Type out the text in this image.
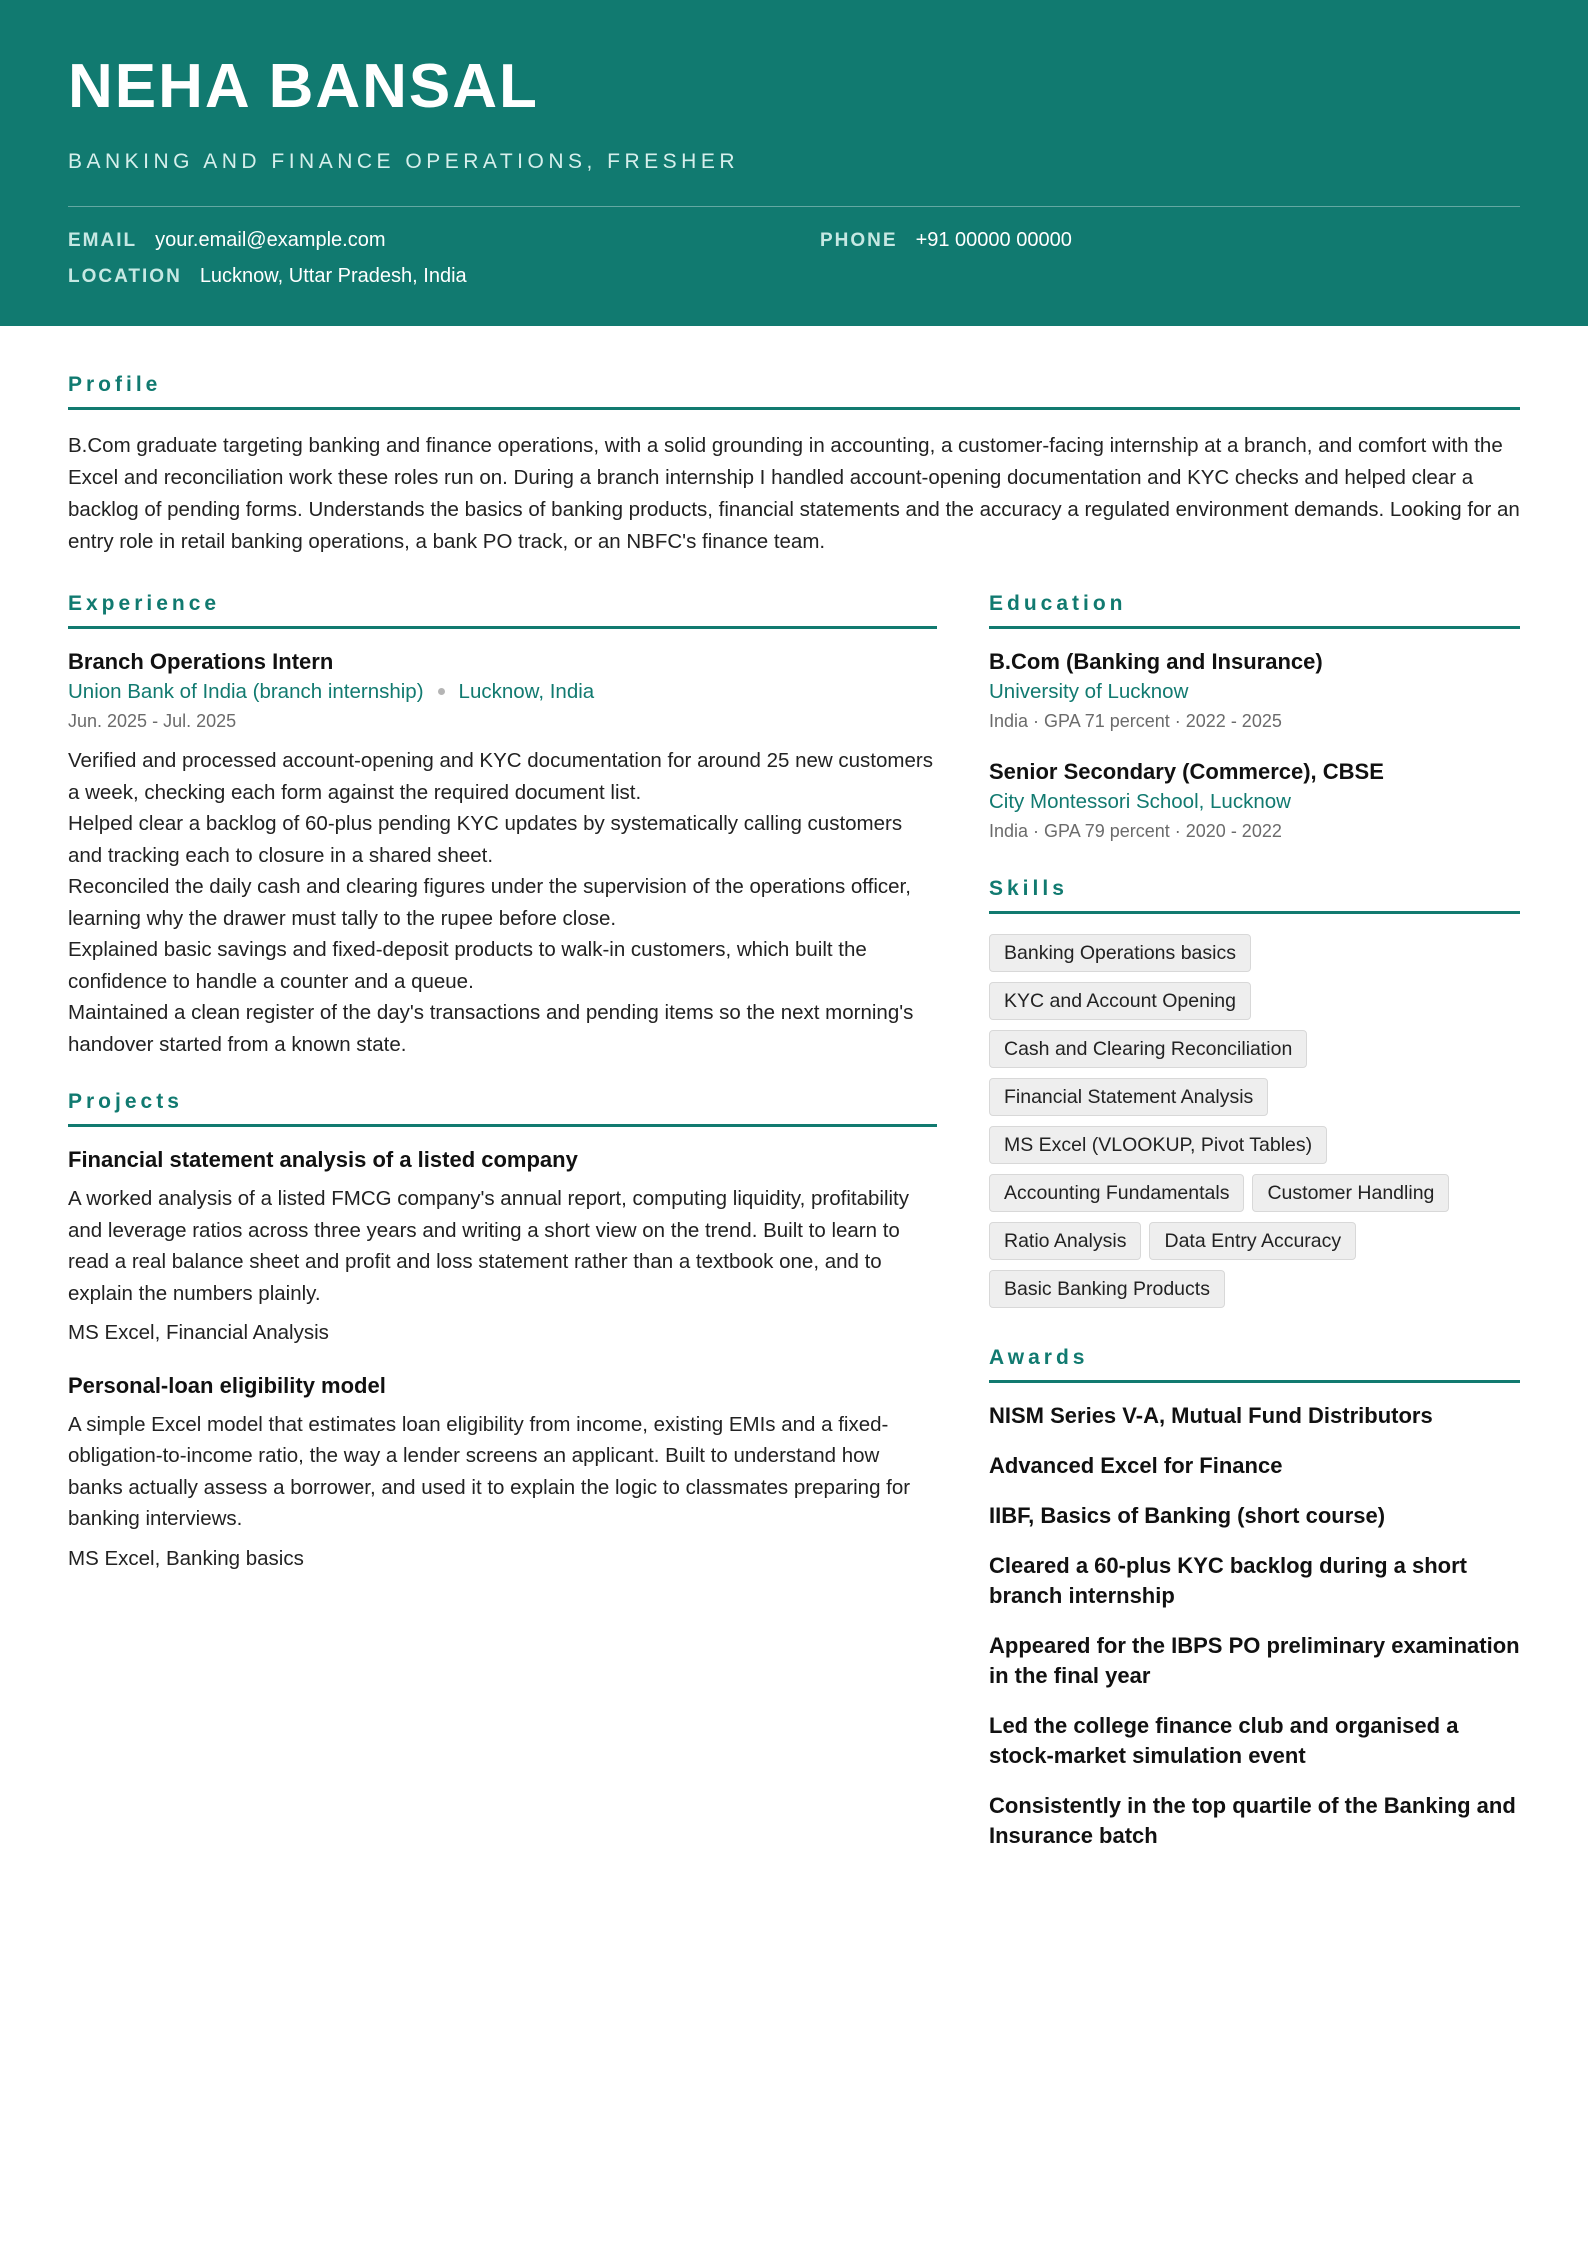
NEHA BANSAL
BANKING AND FINANCE OPERATIONS, FRESHER
EMAIL your.email@example.com	PHONE +91 00000 00000
LOCATION Lucknow, Uttar Pradesh, India
Profile

B.Com graduate targeting banking and finance operations, with a solid grounding in accounting, a customer-facing internship at a branch, and comfort with the Excel and reconciliation work these roles run on. During a branch internship I handled account-opening documentation and KYC checks and helped clear a backlog of pending forms. Understands the basics of banking products, financial statements and the accuracy a regulated environment demands. Looking for an entry role in retail banking operations, a bank PO track, or an NBFC's finance team.

Experience
Branch Operations Intern
Union Bank of India (branch internship) Lucknow, India
Jun. 2025 - Jul. 2025
Verified and processed account-opening and KYC documentation for around 25 new customers a week, checking each form against the required document list.
Helped clear a backlog of 60-plus pending KYC updates by systematically calling customers and tracking each to closure in a shared sheet.
Reconciled the daily cash and clearing figures under the supervision of the operations officer, learning why the drawer must tally to the rupee before close.
Explained basic savings and fixed-deposit products to walk-in customers, which built the confidence to handle a counter and a queue.
Maintained a clean register of the day's transactions and pending items so the next morning's handover started from a known state.
Projects
Financial statement analysis of a listed company
A worked analysis of a listed FMCG company's annual report, computing liquidity, profitability and leverage ratios across three years and writing a short view on the trend. Built to learn to read a real balance sheet and profit and loss statement rather than a textbook one, and to explain the numbers plainly.
MS Excel, Financial Analysis
Personal-loan eligibility model
A simple Excel model that estimates loan eligibility from income, existing EMIs and a fixed-obligation-to-income ratio, the way a lender screens an applicant. Built to understand how banks actually assess a borrower, and used it to explain the logic to classmates preparing for banking interviews.
MS Excel, Banking basics
Education
B.Com (Banking and Insurance)
University of Lucknow
India · GPA 71 percent · 2022 - 2025
Senior Secondary (Commerce), CBSE
City Montessori School, Lucknow
India · GPA 79 percent · 2020 - 2022
Skills
Banking Operations basics
KYC and Account Opening
Cash and Clearing Reconciliation
Financial Statement Analysis
MS Excel (VLOOKUP, Pivot Tables)
Accounting Fundamentals	Customer Handling
Ratio Analysis	Data Entry Accuracy
Basic Banking Products
Awards
NISM Series V-A, Mutual Fund Distributors
Advanced Excel for Finance
IIBF, Basics of Banking (short course)
Cleared a 60-plus KYC backlog during a short branch internship
Appeared for the IBPS PO preliminary examination in the final year
Led the college finance club and organised a stock-market simulation event
Consistently in the top quartile of the Banking and Insurance batch
